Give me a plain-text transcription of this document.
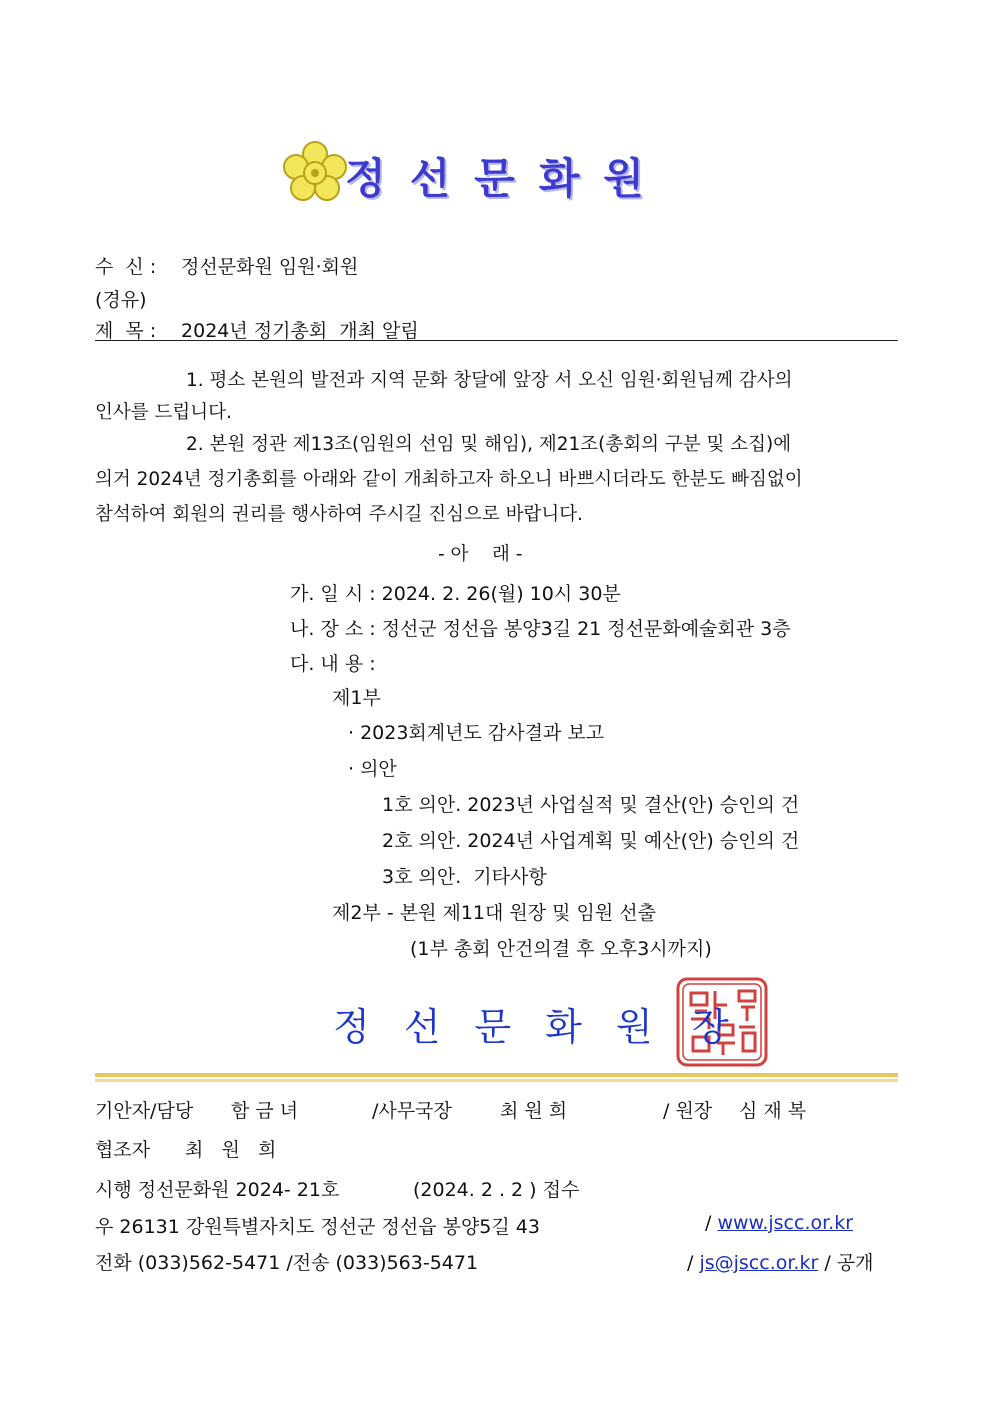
정선문화원
수  신 : 정선문화원 임원·회원
(경유)
제  목 : 2024년 정기총회  개최 알림
1. 평소 본원의 발전과 지역 문화 창달에 앞장 서 오신 임원·회원님께 감사의
인사를 드립니다.
2. 본원 정관 제13조(임원의 선임 및 해임), 제21조(총회의 구분 및 소집)에
의거 2024년 정기총회를 아래와 같이 개최하고자 하오니 바쁘시더라도 한분도 빠짐없이
참석하여 회원의 권리를 행사하여 주시길 진심으로 바랍니다.
- 아    래 -
가. 일 시 : 2024. 2. 26(월) 10시 30분
나. 장 소 : 정선군 정선읍 봉양3길 21 정선문화예술회관 3층
다. 내 용 :
제1부
· 2023회계년도 감사결과 보고
· 의안
1호 의안. 2023년 사업실적 및 결산(안) 승인의 건
2호 의안. 2024년 사업계획 및 예산(안) 승인의 건
3호 의안.  기타사항
제2부 - 본원 제11대 원장 및 임원 선출
(1부 총회 안건의결 후 오후3시까지)
정선문화원 장
기안자/담당 함 금 녀	/사무국장	최 원 희	/ 원장 심 재 복
협조자 최   원   희
시행 정선문화원 2024- 21호	(2024. 2 . 2 ) 접수
우 26131 강원특별자치도 정선군 정선읍 봉양5길 43	/ www.jscc.or.kr
전화 (033)562-5471 /전송 (033)563-5471	/ js@jscc.or.kr / 공개
